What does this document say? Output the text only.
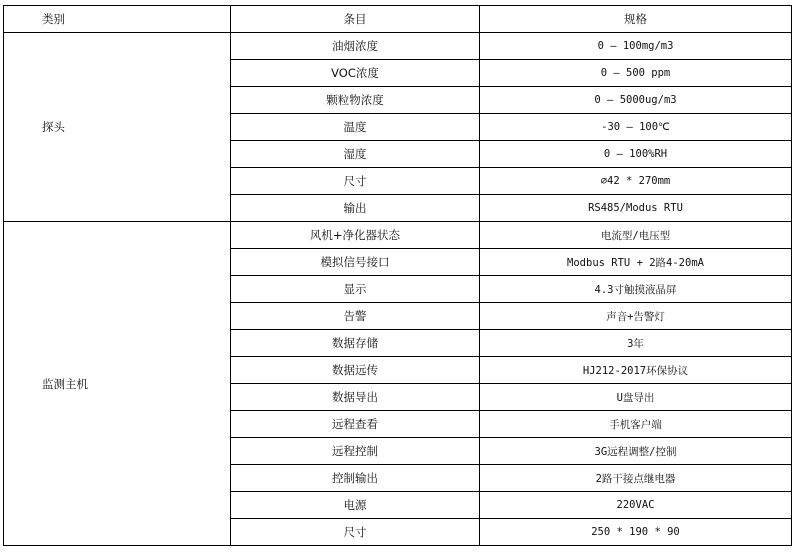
类别	条目	规格
探头	油烟浓度	0 – 100mg/m3
	VOC浓度	0 – 500 ppm
	颗粒物浓度	0 – 5000ug/m3
	温度	-30 – 100℃
	湿度	0 – 100%RH
	尺寸	⌀42 * 270mm
	输出	RS485/Modus RTU
监测主机	风机+净化器状态	电流型/电压型
	模拟信号接口	Modbus RTU + 2路4-20mA
	显示	4.3寸触摸液晶屏
	告警	声音+告警灯
	数据存储	3年
	数据远传	HJ212-2017环保协议
	数据导出	U盘导出
	远程查看	手机客户端
	远程控制	3G远程调整/控制
	控制输出	2路干接点继电器
	电源	220VAC
	尺寸	250 * 190 * 90
